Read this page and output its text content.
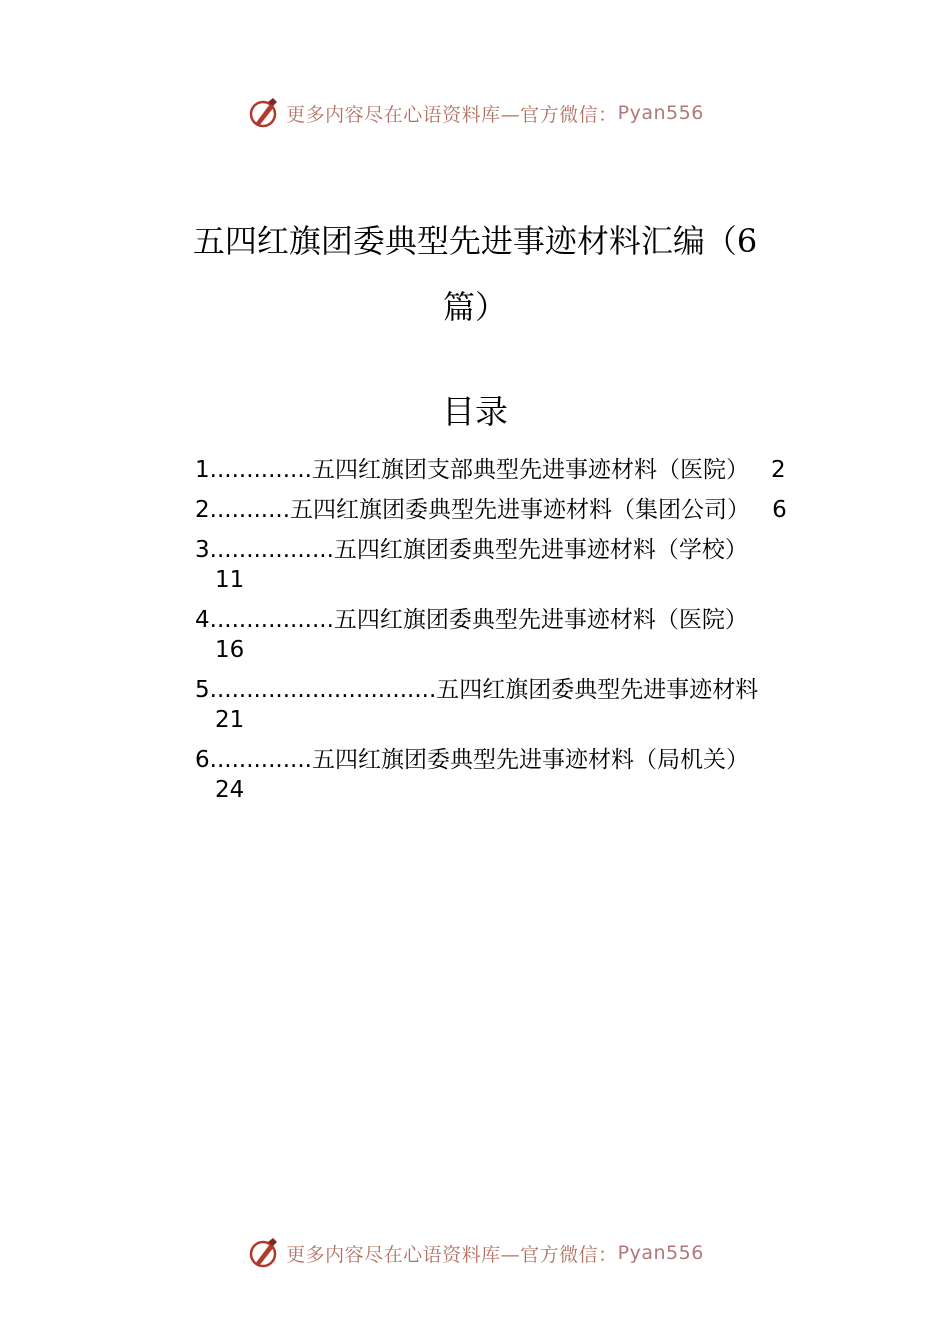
更多内容尽在心语资料库—官方微信： Pyan556
五四红旗团委典型先进事迹材料汇编（6
篇）
目录
1..............五四红旗团支部典型先进事迹材料（医院） 2
2...........五四红旗团委典型先进事迹材料（集团公司） 6
3.................五四红旗团委典型先进事迹材料（学校）
11
4.................五四红旗团委典型先进事迹材料（医院）
16
5...............................五四红旗团委典型先进事迹材料
21
6..............五四红旗团委典型先进事迹材料（局机关）
24
更多内容尽在心语资料库—官方微信： Pyan556
